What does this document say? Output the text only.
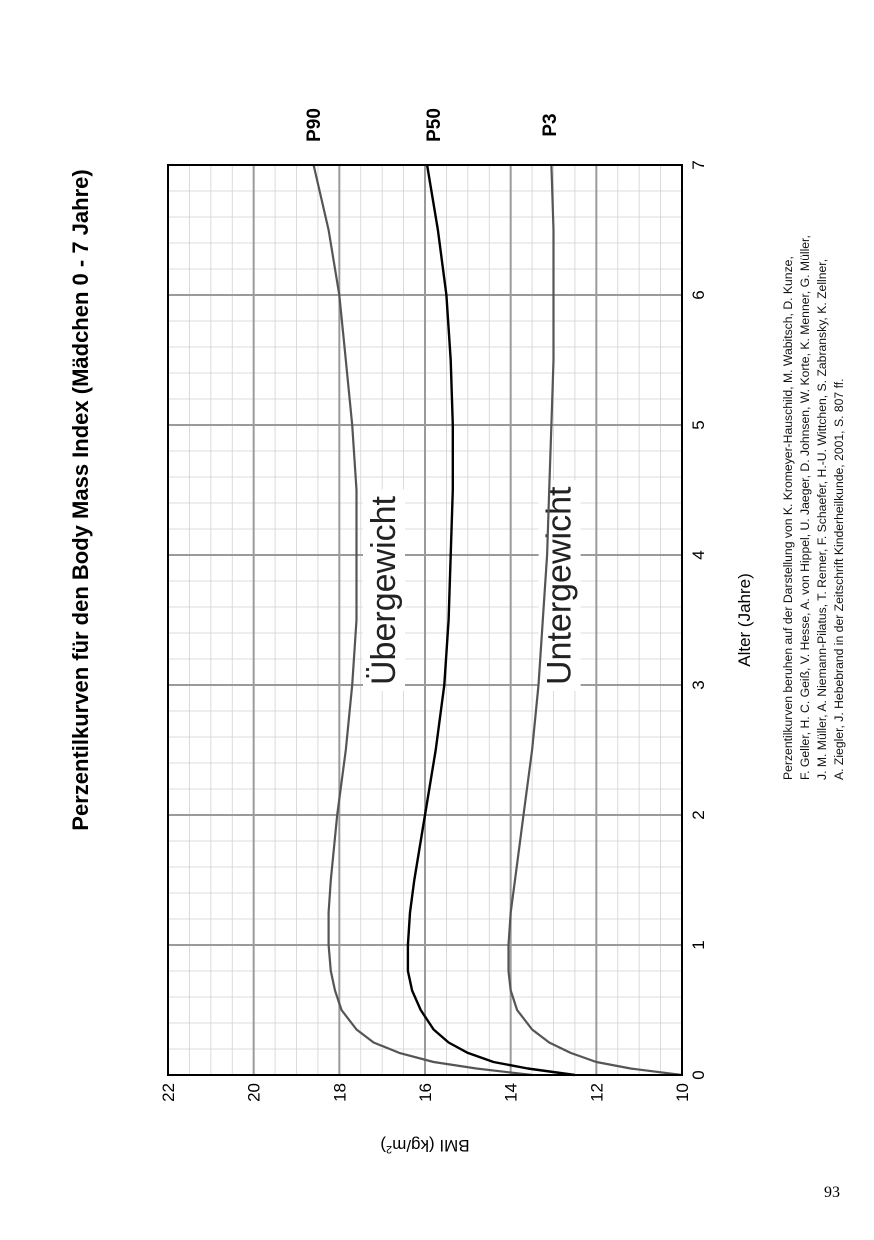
Perzentilkurven für den Body Mass Index (Mädchen 0 - 7 Jahre)	Übergewicht	Untergewicht
0
1
2
3
4
5
6
7
10
12
14
16
18
20
22
Alter (Jahre)
BMI $(kg/m^2)$
P90	P50	P3
Perzentilkurven beruhen auf der Darstellung von K. Kromeyer-Hauschild, M. Wabitsch, D. Kunze, F. Geller, H. C. Geiß, V. Hesse, A. von Hippel, U. Jaeger, D. Johnsen, W. Korte, K. Menner, G. Müller, J. M. Müller, A. Niemann-Pilatus, T. Remer, F. Schaefer, H.-U. Wittchen, S. Zabransky, K. Zellner, A. Ziegler, J. Hebebrand in der Zeitschrift Kinderheilkunde, 2001, S. 807 ff.
93
